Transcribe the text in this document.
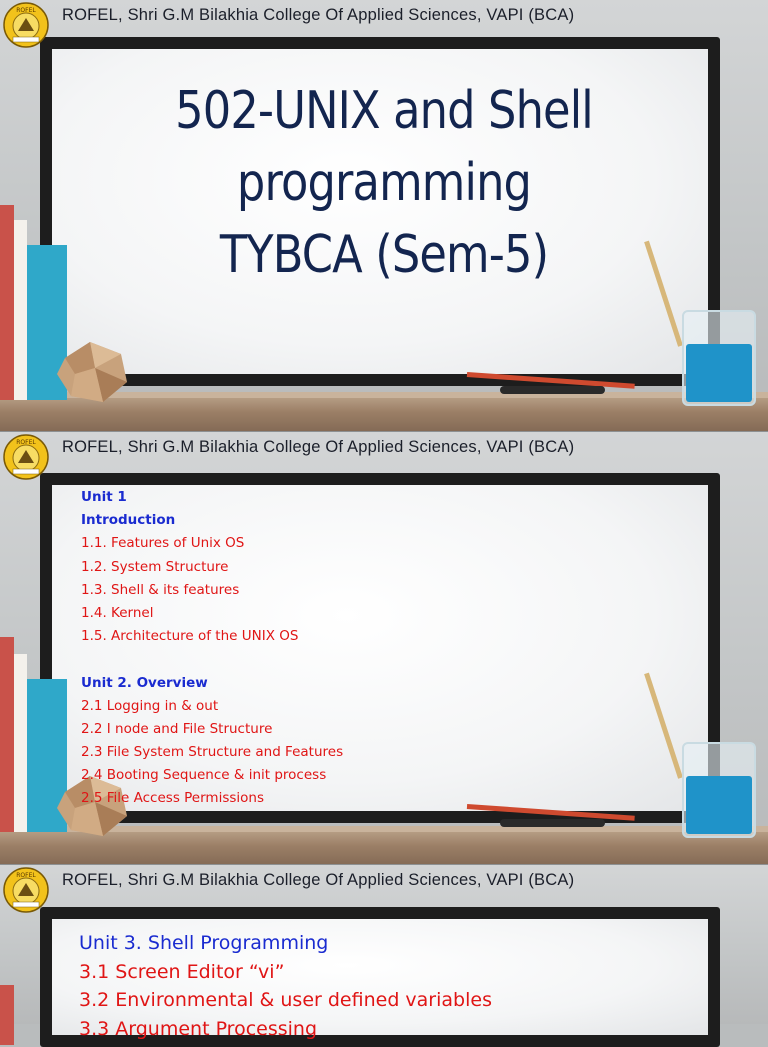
ROFEL ROFEL, Shri G.M Bilakhia College Of Applied Sciences, VAPI (BCA)
502-UNIX and Shell
programming
TYBCA (Sem-5)
ROFEL ROFEL, Shri G.M Bilakhia College Of Applied Sciences, VAPI (BCA)
Unit 1
Introduction
1.1. Features of Unix OS
1.2. System Structure
1.3. Shell & its features
1.4. Kernel
1.5. Architecture of the UNIX OS
Unit 2. Overview
2.1 Logging in & out
2.2 I node and File Structure
2.3 File System Structure and Features
2.4 Booting Sequence & init process
2.5 File Access Permissions
ROFEL ROFEL, Shri G.M Bilakhia College Of Applied Sciences, VAPI (BCA)
Unit 3. Shell Programming
3.1 Screen Editor “vi”
3.2 Environmental & user defined variables
3.3 Argument Processing
